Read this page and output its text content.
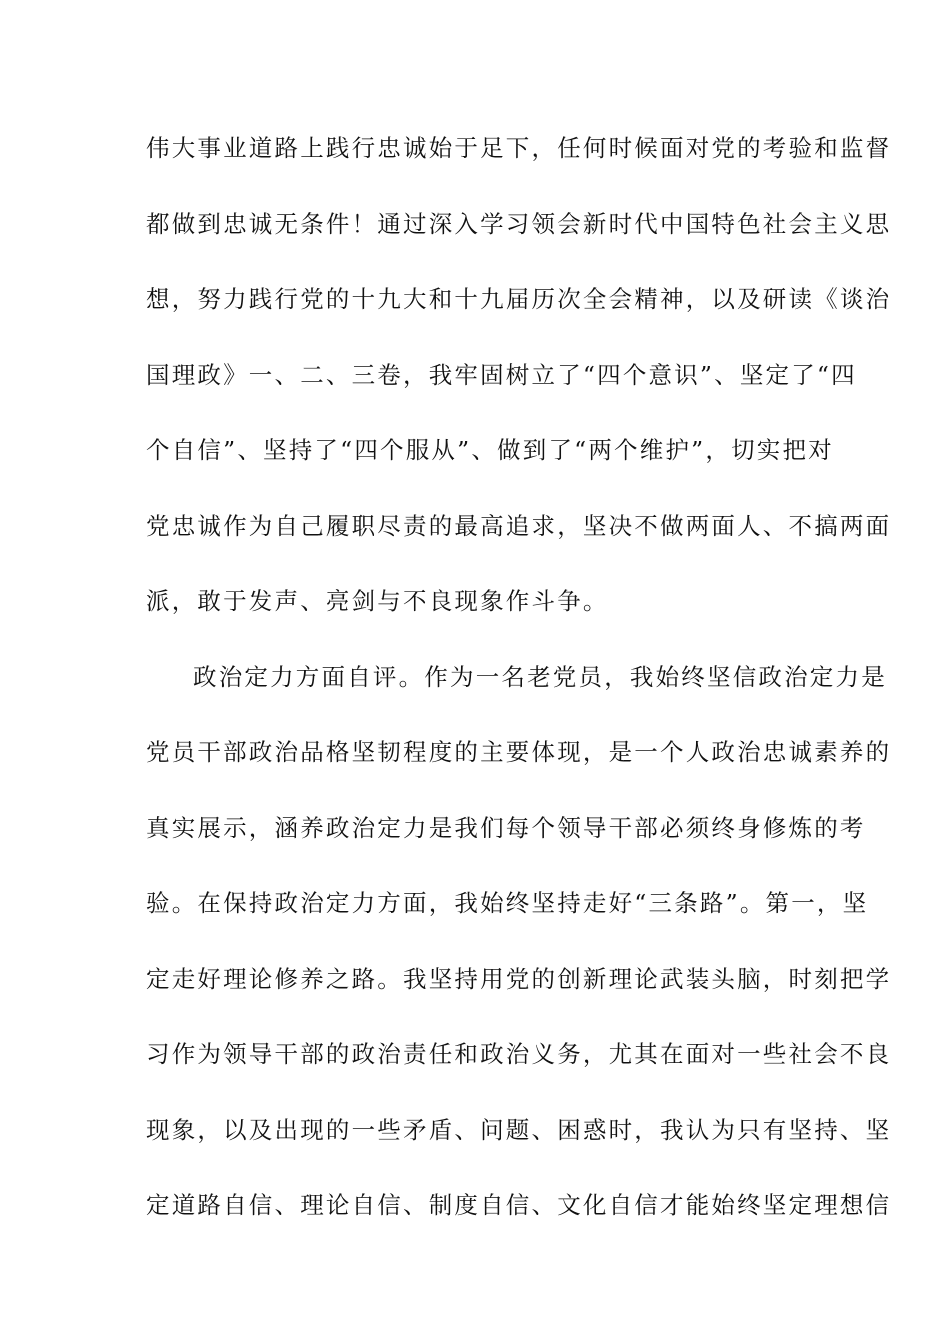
伟大事业道路上践行忠诚始于足下，任何时候面对党的考验和监督
都做到忠诚无条件！通过深入学习领会新时代中国特色社会主义思
想，努力践行党的十九大和十九届历次全会精神，以及研读《谈治
国理政》一、二、三卷，我牢固树立了“四个意识”、坚定了“四
个自信”、坚持了“四个服从”、做到了“两个维护”，切实把对
党忠诚作为自己履职尽责的最高追求，坚决不做两面人、不搞两面
派，敢于发声、亮剑与不良现象作斗争。
政治定力方面自评。作为一名老党员，我始终坚信政治定力是
党员干部政治品格坚韧程度的主要体现，是一个人政治忠诚素养的
真实展示，涵养政治定力是我们每个领导干部必须终身修炼的考
验。在保持政治定力方面，我始终坚持走好“三条路”。第一，坚
定走好理论修养之路。我坚持用党的创新理论武装头脑，时刻把学
习作为领导干部的政治责任和政治义务，尤其在面对一些社会不良
现象，以及出现的一些矛盾、问题、困惑时，我认为只有坚持、坚
定道路自信、理论自信、制度自信、文化自信才能始终坚定理想信
